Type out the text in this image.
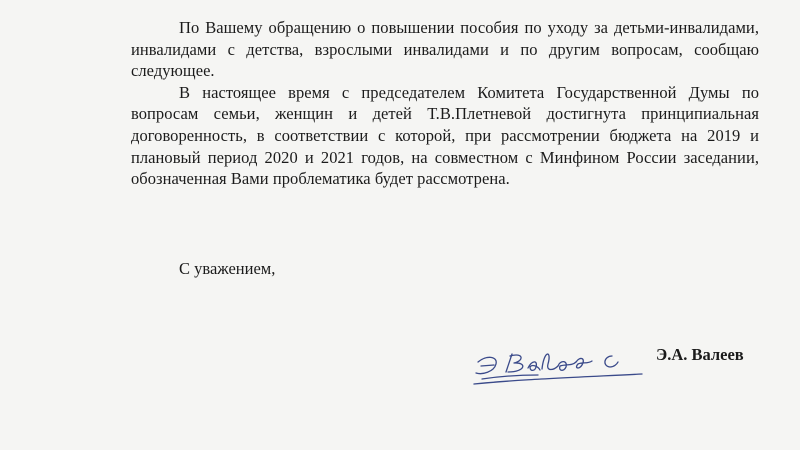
По Вашему обращению о повышении пособия по уходу за детьми-инвалидами, инвалидами с детства, взрослыми инвалидами и по другим вопросам, сообщаю следующее.

В настоящее время с председателем Комитета Государственной Думы по вопросам семьи, женщин и детей Т.В.Плетневой достигнута принципиальная договоренность, в соответствии с которой, при рассмотрении бюджета на 2019 и плановый период 2020 и 2021 годов, на совместном с Минфином России заседании, обозначенная Вами проблематика будет рассмотрена.

С уважением,
Э.А. Валеев
